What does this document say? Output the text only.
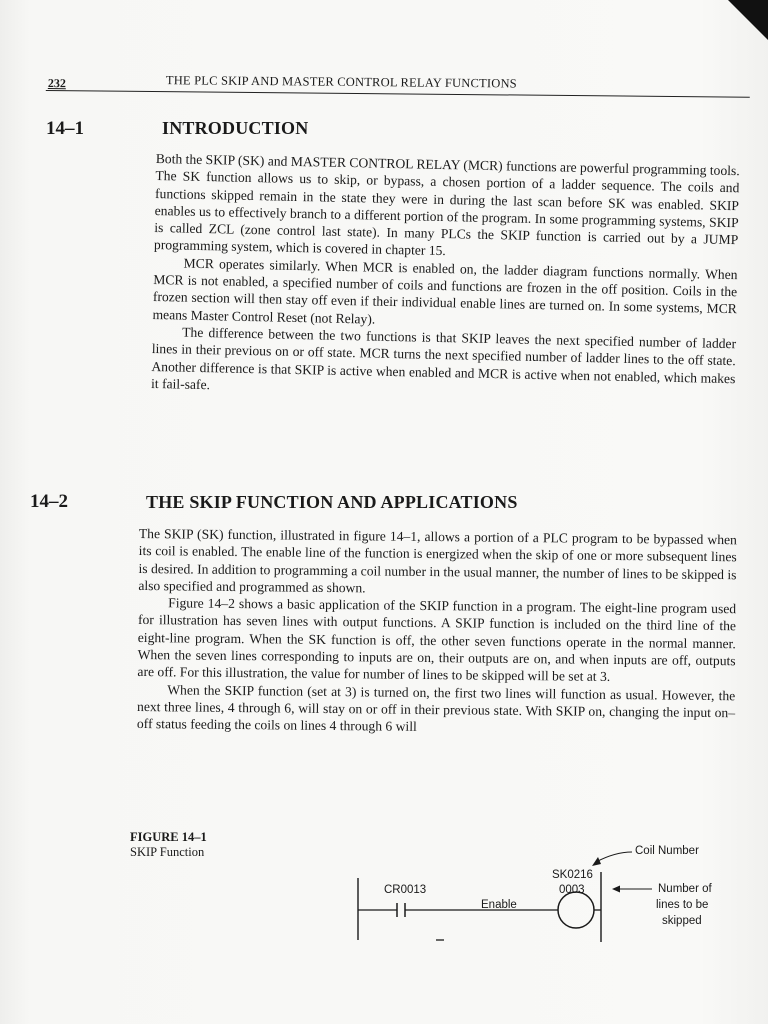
232	THE PLC SKIP AND MASTER CONTROL RELAY FUNCTIONS
14–1	INTRODUCTION

Both the SKIP (SK) and MASTER CONTROL RELAY (MCR) functions are powerful programming tools. The SK function allows us to skip, or bypass, a chosen portion of a ladder sequence. The coils and functions skipped remain in the state they were in during the last scan before SK was enabled. SKIP enables us to effectively branch to a different portion of the program. In some programming systems, SKIP is called ZCL (zone control last state). In many PLCs the SKIP function is carried out by a JUMP programming system, which is covered in chapter 15.

MCR operates similarly. When MCR is enabled on, the ladder diagram functions normally. When MCR is not enabled, a specified number of coils and functions are frozen in the off position. Coils in the frozen section will then stay off even if their individual enable lines are turned on. In some systems, MCR means Master Control Reset (not Relay).

The difference between the two functions is that SKIP leaves the next specified number of ladder lines in their previous on or off state. MCR turns the next specified number of ladder lines to the off state. Another difference is that SKIP is active when enabled and MCR is active when not enabled, which makes it fail-safe.

14–2	THE SKIP FUNCTION AND APPLICATIONS

The SKIP (SK) function, illustrated in figure 14–1, allows a portion of a PLC program to be bypassed when its coil is enabled. The enable line of the function is energized when the skip of one or more subsequent lines is desired. In addition to programming a coil number in the usual manner, the number of lines to be skipped is also specified and programmed as shown.

Figure 14–2 shows a basic application of the SKIP function in a program. The eight-line program used for illustration has seven lines with output functions. A SKIP function is included on the third line of the eight-line program. When the SK function is off, the other seven functions operate in the normal manner. When the seven lines corresponding to inputs are on, their outputs are on, and when inputs are off, outputs are off. For this illustration, the value for number of lines to be skipped will be set at 3.

When the SKIP function (set at 3) is turned on, the first two lines will function as usual. However, the next three lines, 4 through 6, will stay on or off in their previous state. With SKIP on, changing the input on–off status feeding the coils on lines 4 through 6 will

FIGURE 14–1
SKIP Function
CR0013
Enable
SK0216
0003
Coil Number
Number of
lines to be
skipped
